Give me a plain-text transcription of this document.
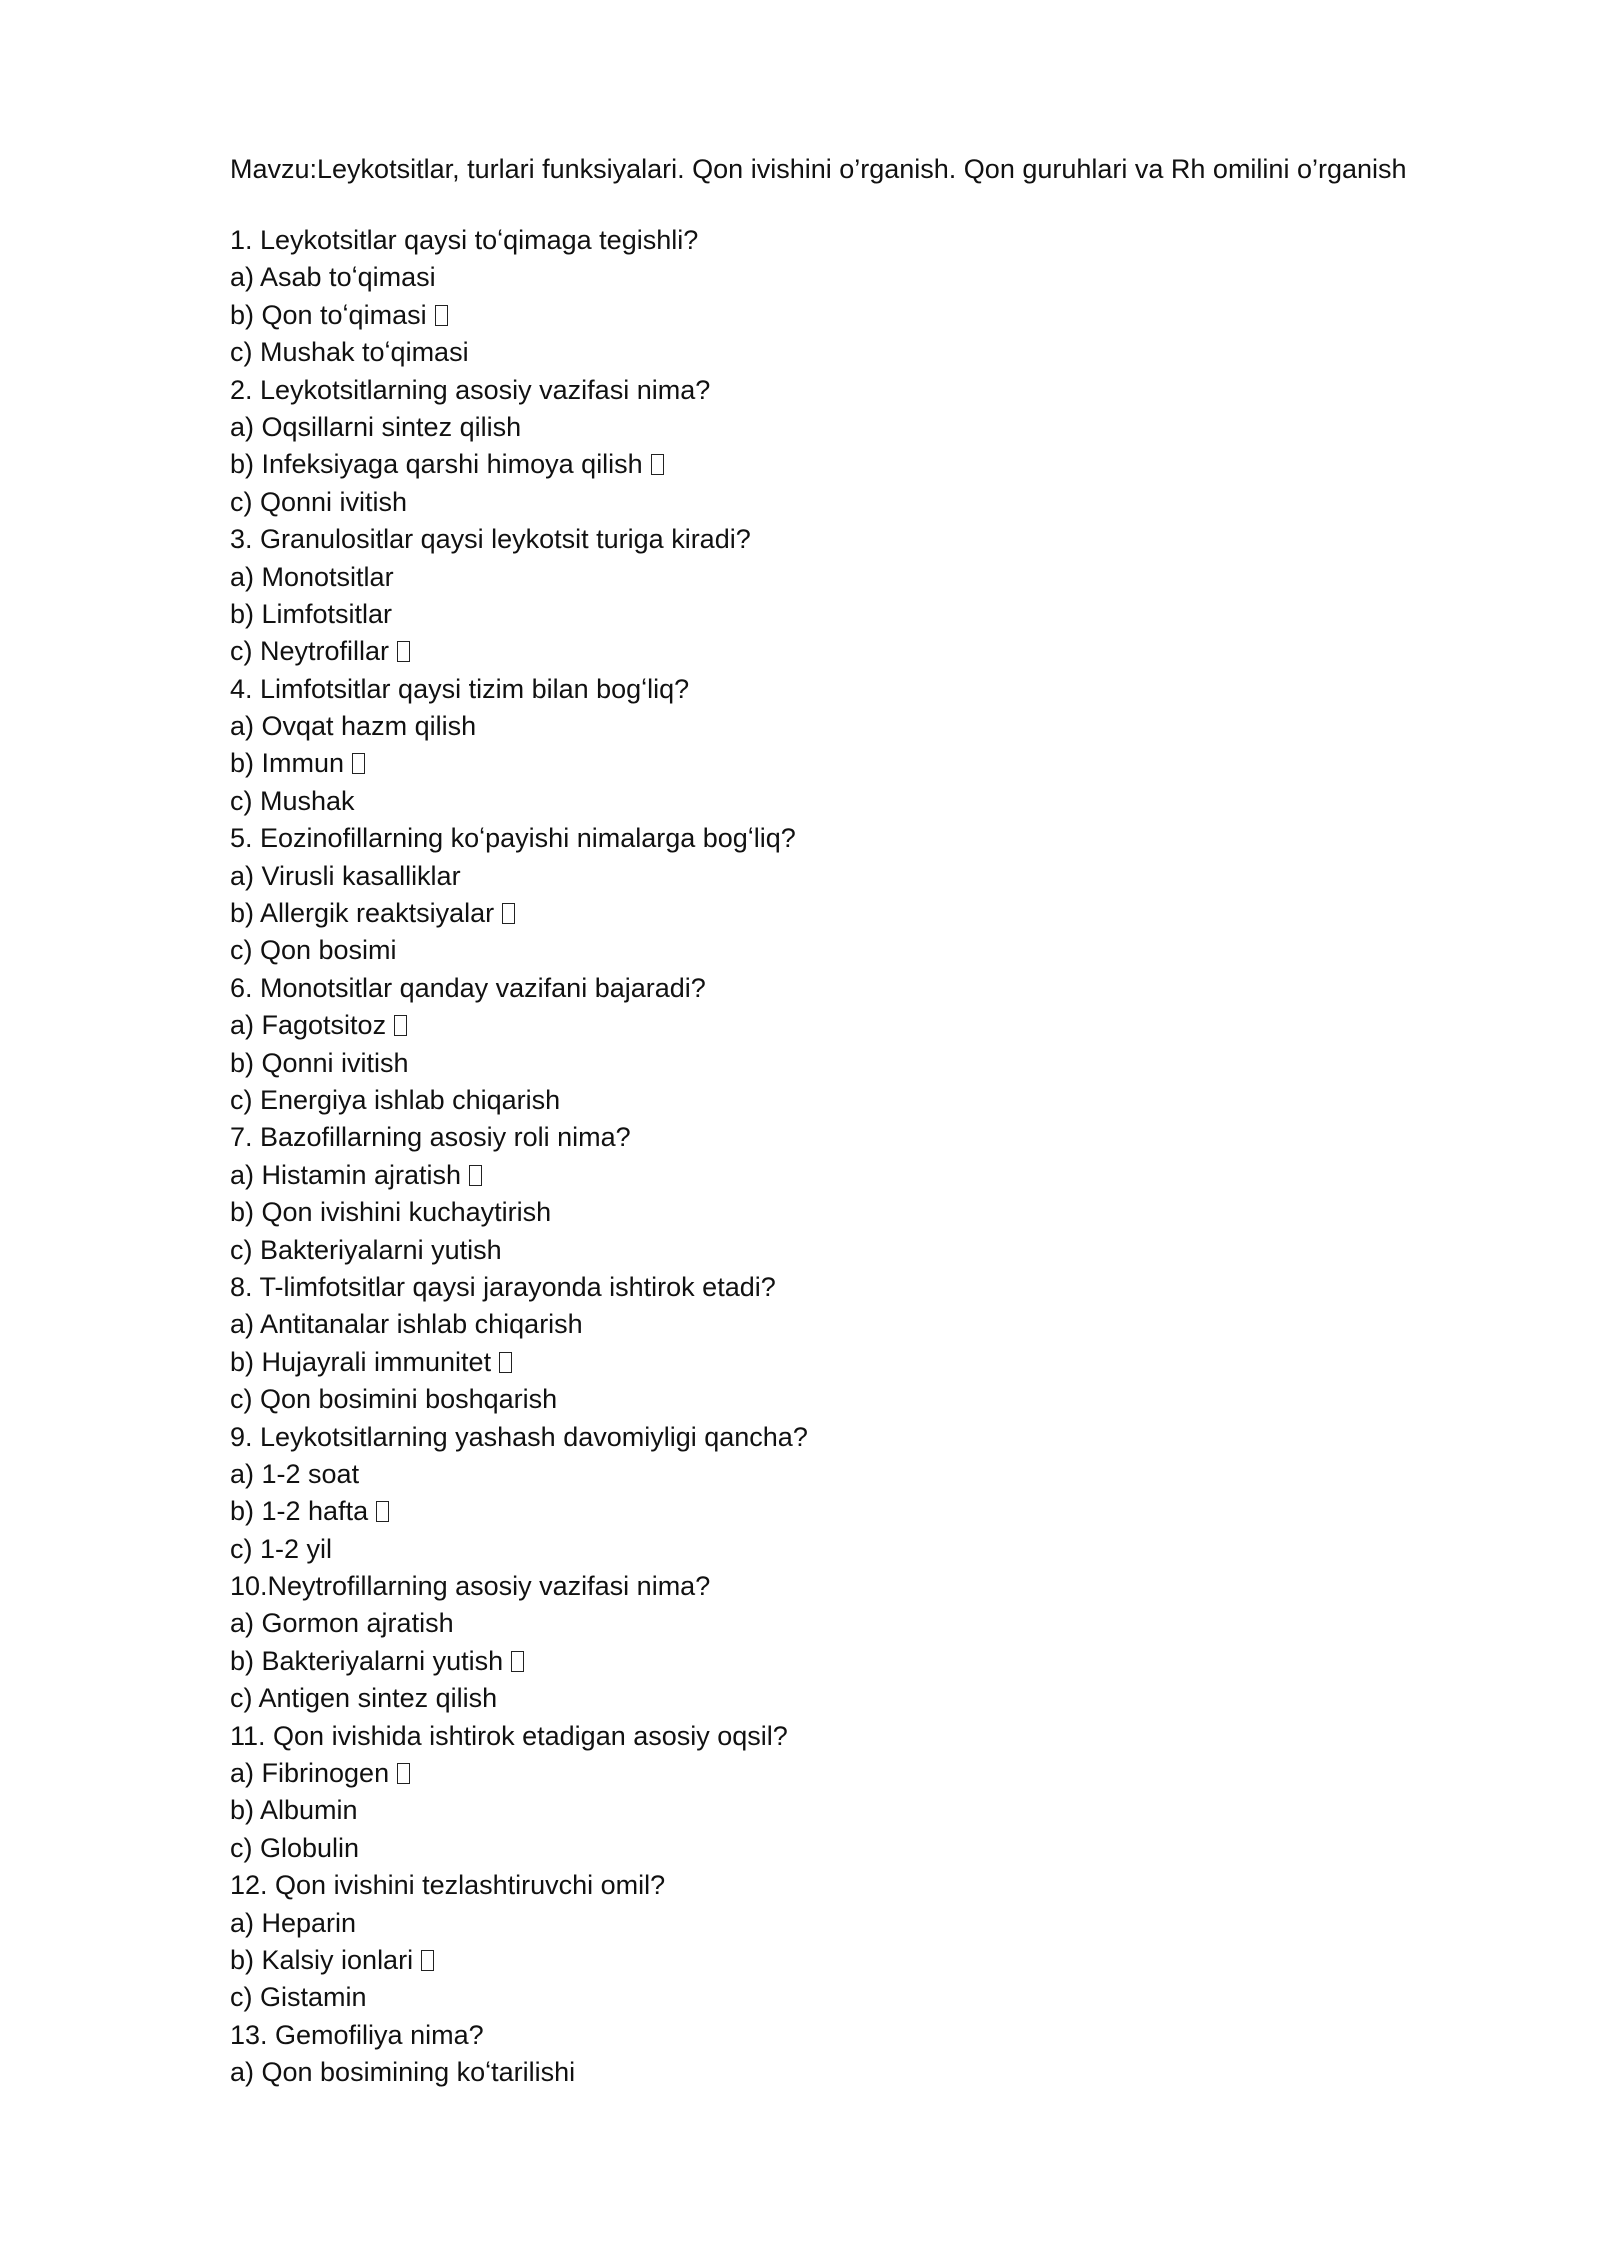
Mavzu:Leykotsitlar, turlari funksiyalari. Qon ivishini o’rganish. Qon guruhlari va Rh omilini o’rganish
1. Leykotsitlar qaysi toʻqimaga tegishli?
a) Asab toʻqimasi
b) Qon toʻqimasi
c) Mushak toʻqimasi
2. Leykotsitlarning asosiy vazifasi nima?
a) Oqsillarni sintez qilish
b) Infeksiyaga qarshi himoya qilish
c) Qonni ivitish
3. Granulositlar qaysi leykotsit turiga kiradi?
a) Monotsitlar
b) Limfotsitlar
c) Neytrofillar
4. Limfotsitlar qaysi tizim bilan bogʻliq?
a) Ovqat hazm qilish
b) Immun
c) Mushak
5. Eozinofillarning koʻpayishi nimalarga bogʻliq?
a) Virusli kasalliklar
b) Allergik reaktsiyalar
c) Qon bosimi
6. Monotsitlar qanday vazifani bajaradi?
a) Fagotsitoz
b) Qonni ivitish
c) Energiya ishlab chiqarish
7. Bazofillarning asosiy roli nima?
a) Histamin ajratish
b) Qon ivishini kuchaytirish
c) Bakteriyalarni yutish
8. T-limfotsitlar qaysi jarayonda ishtirok etadi?
a) Antitanalar ishlab chiqarish
b) Hujayrali immunitet
c) Qon bosimini boshqarish
9. Leykotsitlarning yashash davomiyligi qancha?
a) 1-2 soat
b) 1-2 hafta
c) 1-2 yil
10.Neytrofillarning asosiy vazifasi nima?
a) Gormon ajratish
b) Bakteriyalarni yutish
c) Antigen sintez qilish
11. Qon ivishida ishtirok etadigan asosiy oqsil?
a) Fibrinogen
b) Albumin
c) Globulin
12. Qon ivishini tezlashtiruvchi omil?
a) Heparin
b) Kalsiy ionlari
c) Gistamin
13. Gemofiliya nima?
a) Qon bosimining koʻtarilishi
